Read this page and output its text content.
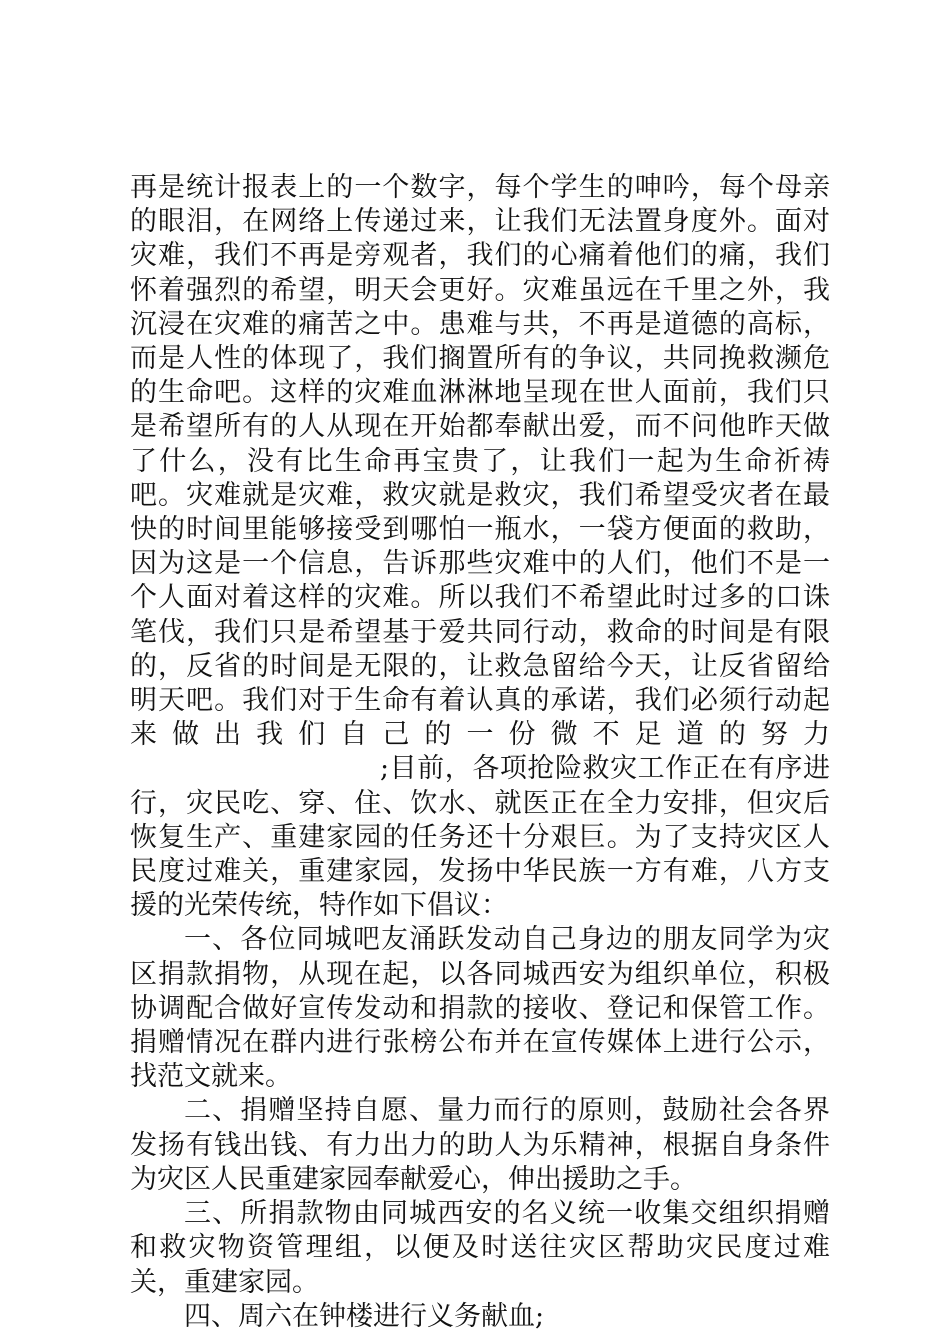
再是统计报表上的一个数字，每个学生的呻吟，每个母亲的眼泪，在网络上传递过来，让我们无法置身度外。面对灾难，我们不再是旁观者，我们的心痛着他们的痛，我们怀着强烈的希望，明天会更好。灾难虽远在千里之外，我沉浸在灾难的痛苦之中。患难与共，不再是道德的高标，而是人性的体现了，我们搁置所有的争议，共同挽救濒危的生命吧。这样的灾难血淋淋地呈现在世人面前，我们只是希望所有的人从现在开始都奉献出爱，而不问他昨天做了什么，没有比生命再宝贵了，让我们一起为生命祈祷吧。灾难就是灾难，救灾就是救灾，我们希望受灾者在最快的时间里能够接受到哪怕一瓶水，一袋方便面的救助，因为这是一个信息，告诉那些灾难中的人们，他们不是一个人面对着这样的灾难。所以我们不希望此时过多的口诛笔伐，我们只是希望基于爱共同行动，救命的时间是有限的，反省的时间是无限的，让救急留给今天，让反省留给明天吧。我们对于生命有着认真的承诺，我们必须行动起来做出我们自己的一份微不足道的努力;目前，各项抢险救灾工作正在有序进行，灾民吃、穿、住、饮水、就医正在全力安排，但灾后恢复生产、重建家园的任务还十分艰巨。为了支持灾区人民度过难关，重建家园，发扬中华民族一方有难，八方支援的光荣传统，特作如下倡议：

一、各位同城吧友涌跃发动自己身边的朋友同学为灾区捐款捐物，从现在起，以各同城西安为组织单位，积极协调配合做好宣传发动和捐款的接收、登记和保管工作。捐赠情况在群内进行张榜公布并在宣传媒体上进行公示，找范文就来。

二、捐赠坚持自愿、量力而行的原则，鼓励社会各界发扬有钱出钱、有力出力的助人为乐精神，根据自身条件为灾区人民重建家园奉献爱心，伸出援助之手。

三、所捐款物由同城西安的名义统一收集交组织捐赠和救灾物资管理组，以便及时送往灾区帮助灾民度过难关，重建家园。

四、周六在钟楼进行义务献血;
